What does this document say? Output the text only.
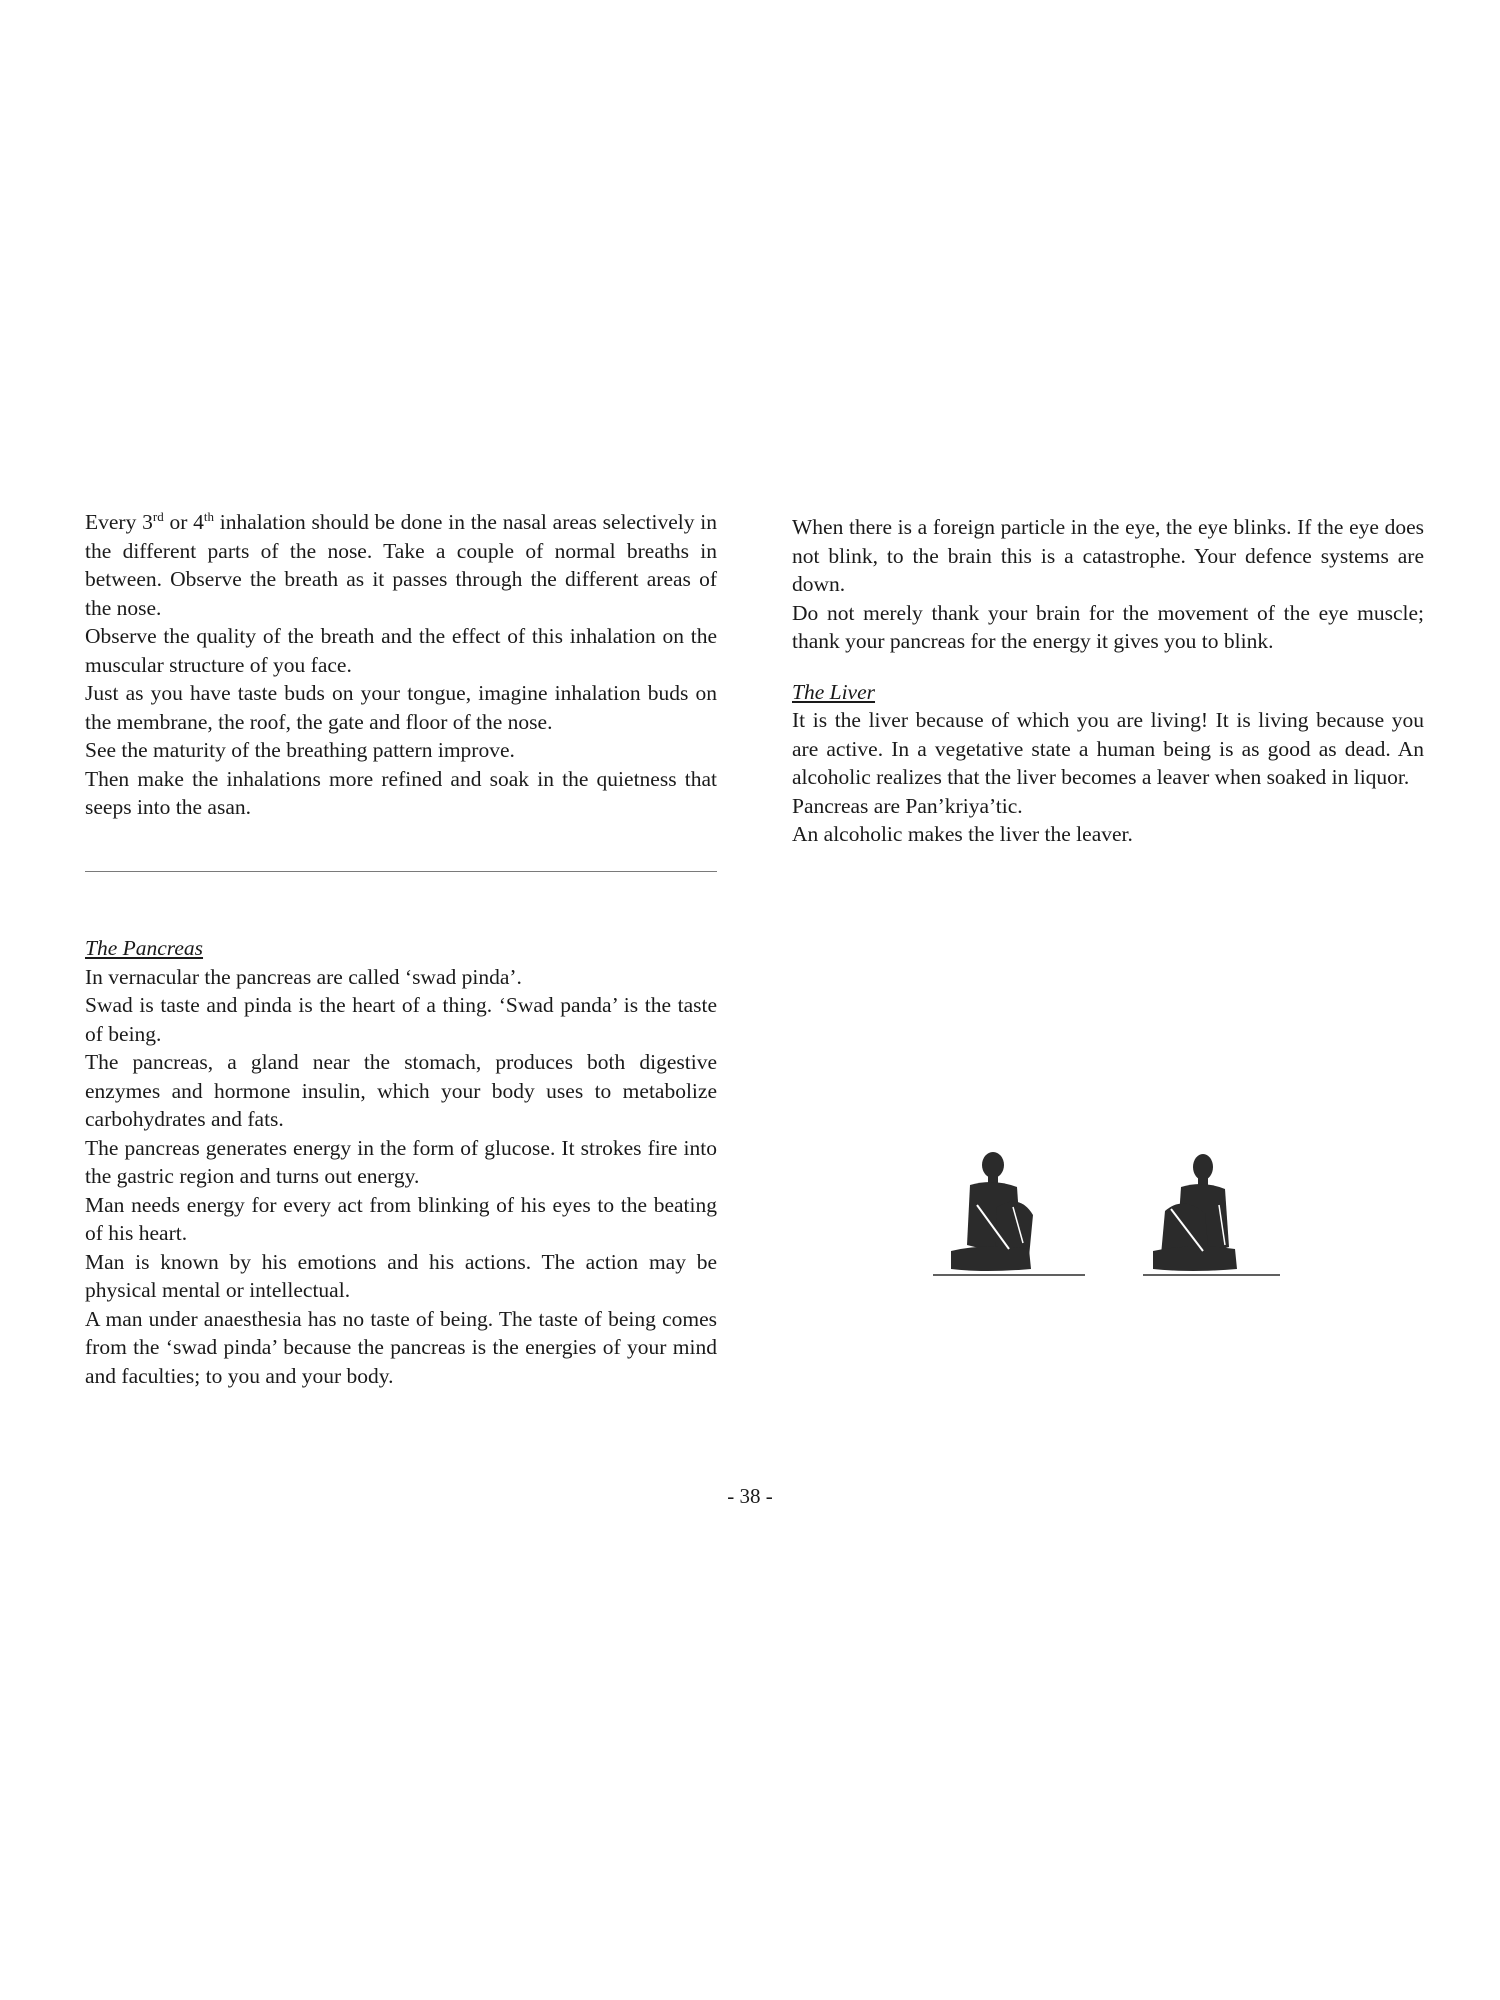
Every 3rd or 4th inhalation should be done in the nasal areas selectively in the different parts of the nose. Take a couple of normal breaths in between. Observe the breath as it passes through the different areas of the nose.

Observe the quality of the breath and the effect of this inhalation on the muscular structure of you face.

Just as you have taste buds on your tongue, imagine inhalation buds on the membrane, the roof, the gate and floor of the nose.

See the maturity of the breathing pattern improve.

Then make the inhalations more refined and soak in the quietness that seeps into the asan.

The Pancreas

In vernacular the pancreas are called ‘swad pinda’.

Swad is taste and pinda is the heart of a thing. ‘Swad panda’ is the taste of being.

The pancreas, a gland near the stomach, produces both digestive enzymes and hormone insulin, which your body uses to metabolize carbohydrates and fats.

The pancreas generates energy in the form of glucose. It strokes fire into the gastric region and turns out energy.

Man needs energy for every act from blinking of his eyes to the beating of his heart.

Man is known by his emotions and his actions. The action may be physical mental or intellectual.

A man under anaesthesia has no taste of being. The taste of being comes from the ‘swad pinda’ because the pancreas is the energies of your mind and faculties; to you and your body.

When there is a foreign particle in the eye, the eye blinks. If the eye does not blink, to the brain this is a catastrophe. Your defence systems are down.

Do not merely thank your brain for the movement of the eye muscle; thank your pancreas for the energy it gives you to blink.

The Liver

It is the liver because of which you are living! It is living because you are active. In a vegetative state a human being is as good as dead. An alcoholic realizes that the liver becomes a leaver when soaked in liquor.

Pancreas are Pan’kriya’tic.

An alcoholic makes the liver the leaver.

- 38 -
